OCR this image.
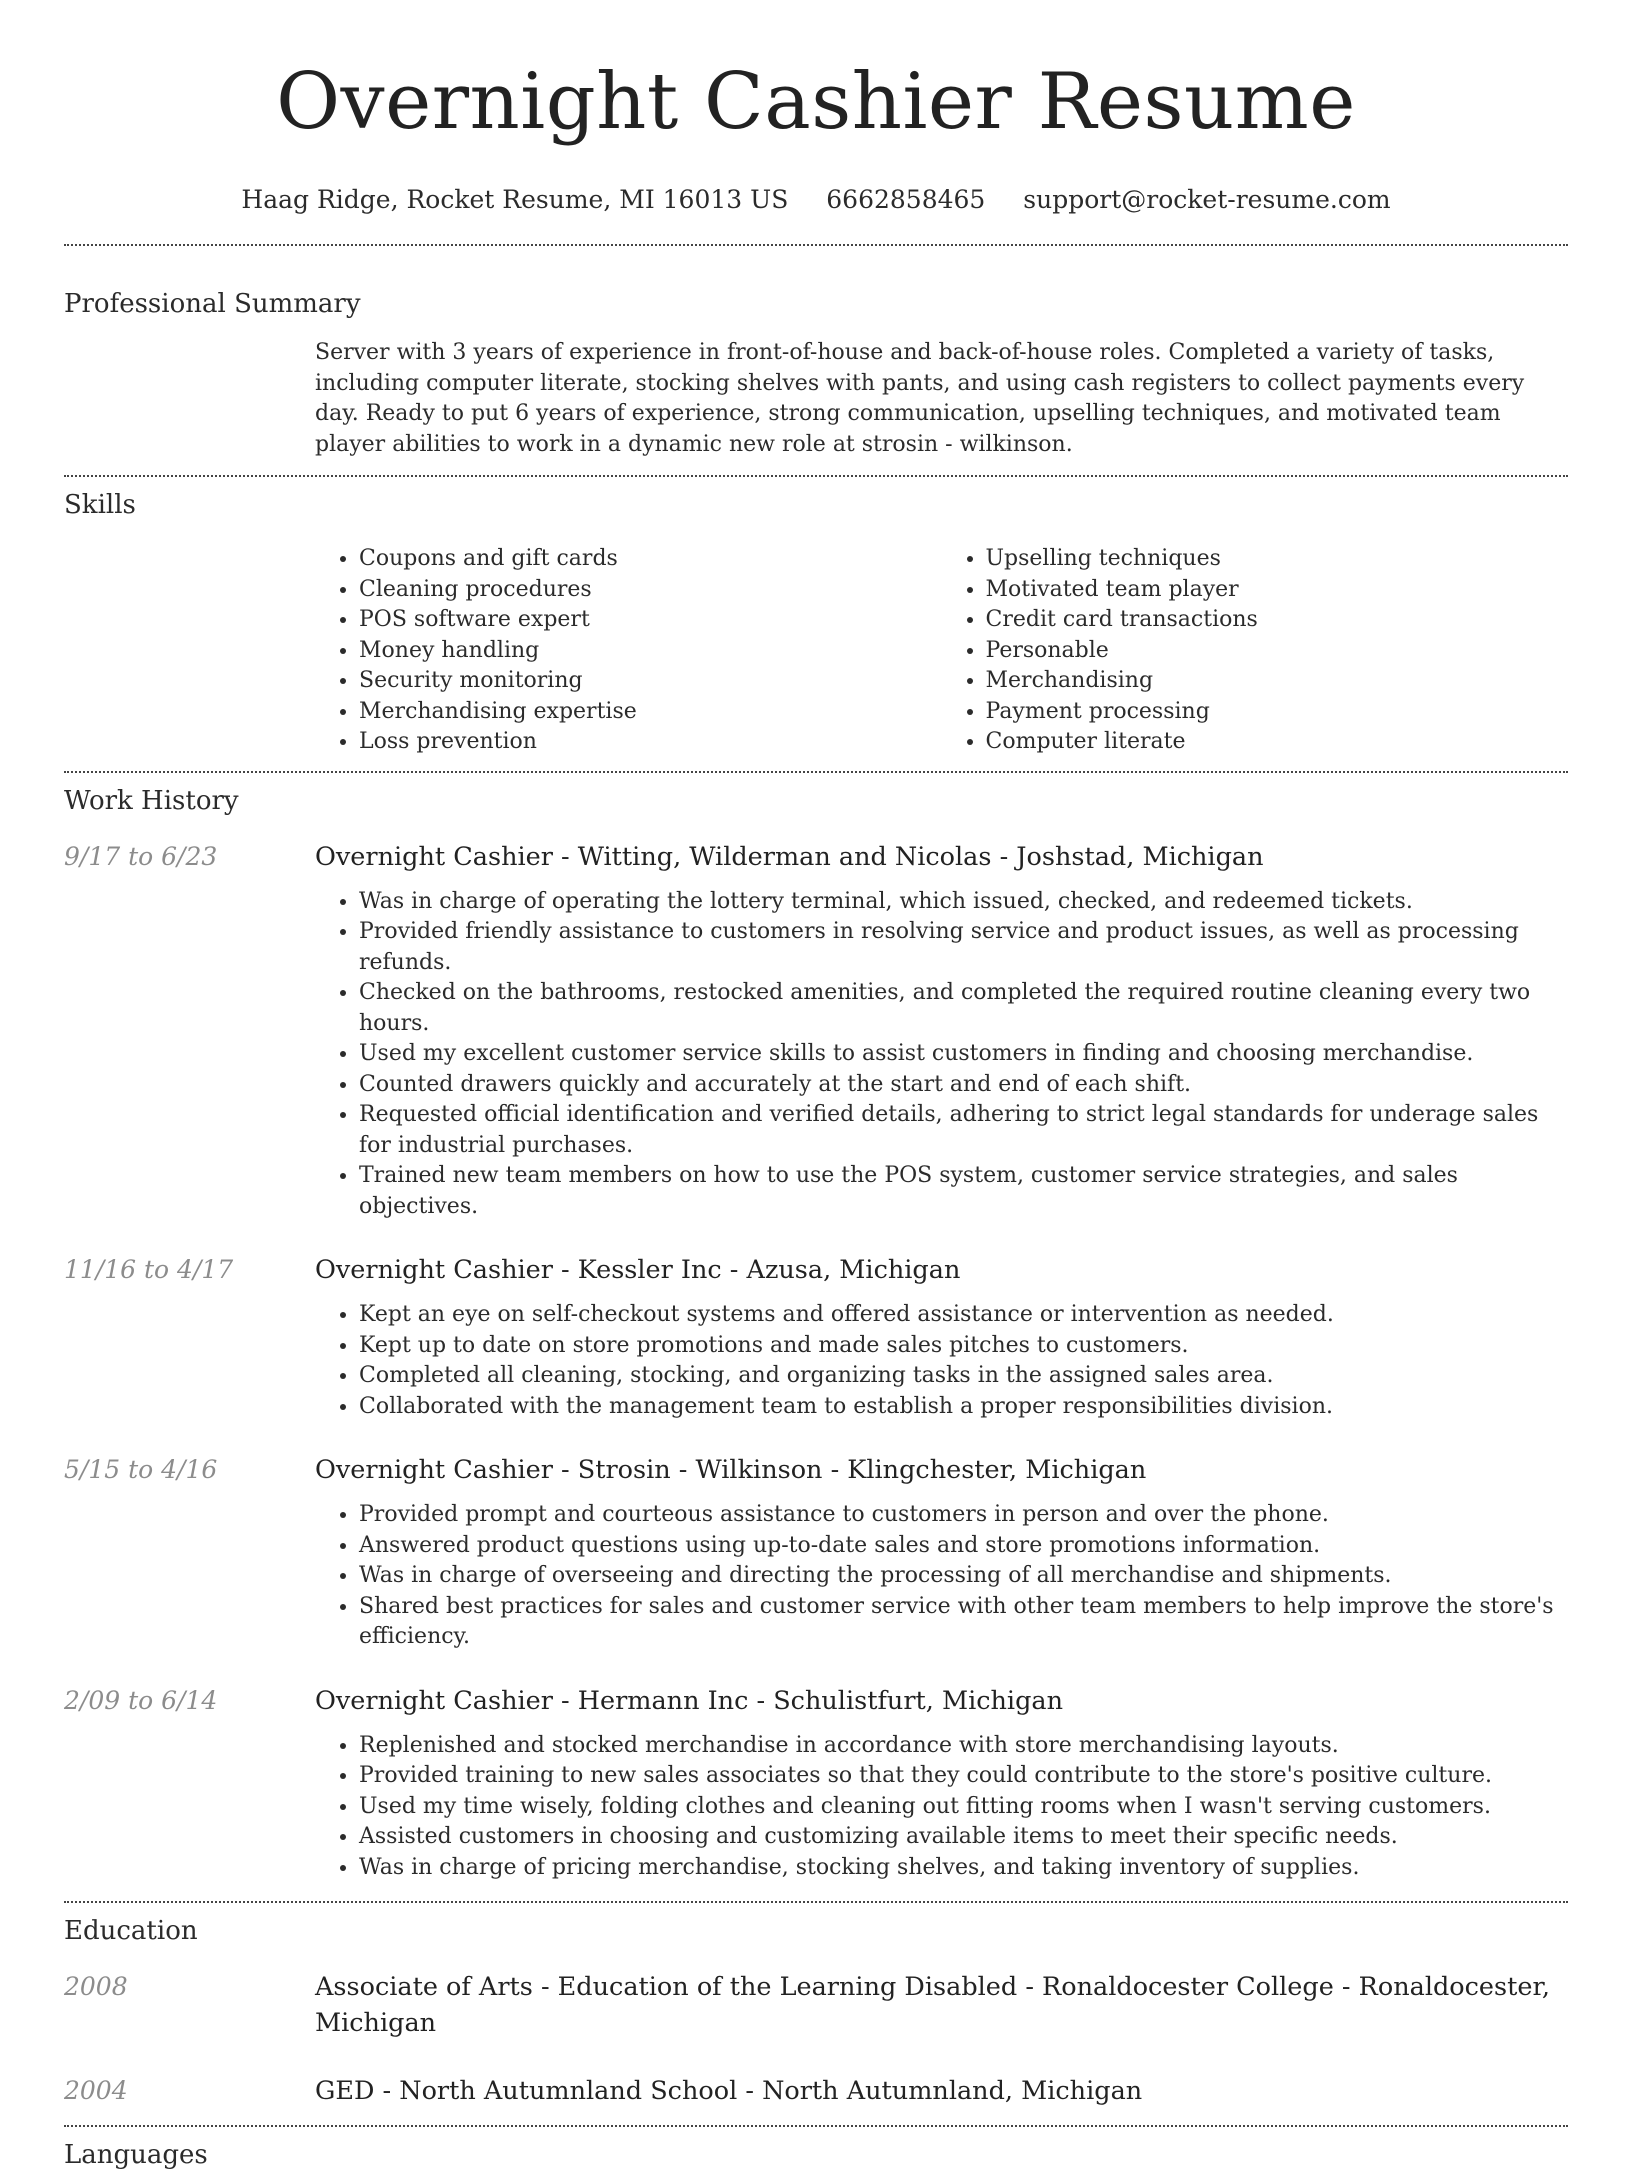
Overnight Cashier Resume
Haag Ridge, Rocket Resume, MI 16013 US 6662858465 support@rocket-resume.com
Professional Summary
Server with 3 years of experience in front-of-house and back-of-house roles. Completed a variety of tasks, including computer literate, stocking shelves with pants, and using cash registers to collect payments every day. Ready to put 6 years of experience, strong communication, upselling techniques, and motivated team player abilities to work in a dynamic new role at strosin - wilkinson.
Skills
• Coupons and gift cards
• Cleaning procedures
• POS software expert
• Money handling
• Security monitoring
• Merchandising expertise
• Loss prevention
• Upselling techniques
• Motivated team player
• Credit card transactions
• Personable
• Merchandising
• Payment processing
• Computer literate
Work History
9/17 to 6/23	Overnight Cashier - Witting, Wilderman and Nicolas - Joshstad, Michigan
• Was in charge of operating the lottery terminal, which issued, checked, and redeemed tickets.
• Provided friendly assistance to customers in resolving service and product issues, as well as processing refunds.
• Checked on the bathrooms, restocked amenities, and completed the required routine cleaning every two hours.
• Used my excellent customer service skills to assist customers in finding and choosing merchandise.
• Counted drawers quickly and accurately at the start and end of each shift.
• Requested official identification and verified details, adhering to strict legal standards for underage sales for industrial purchases.
• Trained new team members on how to use the POS system, customer service strategies, and sales objectives.
11/16 to 4/17	Overnight Cashier - Kessler Inc - Azusa, Michigan
• Kept an eye on self-checkout systems and offered assistance or intervention as needed.
• Kept up to date on store promotions and made sales pitches to customers.
• Completed all cleaning, stocking, and organizing tasks in the assigned sales area.
• Collaborated with the management team to establish a proper responsibilities division.
5/15 to 4/16	Overnight Cashier - Strosin - Wilkinson - Klingchester, Michigan
• Provided prompt and courteous assistance to customers in person and over the phone.
• Answered product questions using up-to-date sales and store promotions information.
• Was in charge of overseeing and directing the processing of all merchandise and shipments.
• Shared best practices for sales and customer service with other team members to help improve the store's efficiency.
2/09 to 6/14	Overnight Cashier - Hermann Inc - Schulistfurt, Michigan
• Replenished and stocked merchandise in accordance with store merchandising layouts.
• Provided training to new sales associates so that they could contribute to the store's positive culture.
• Used my time wisely, folding clothes and cleaning out fitting rooms when I wasn't serving customers.
• Assisted customers in choosing and customizing available items to meet their specific needs.
• Was in charge of pricing merchandise, stocking shelves, and taking inventory of supplies.
Education
2008	Associate of Arts - Education of the Learning Disabled - Ronaldocester College - Ronaldocester, Michigan
2004	GED - North Autumnland School - North Autumnland, Michigan
Languages
